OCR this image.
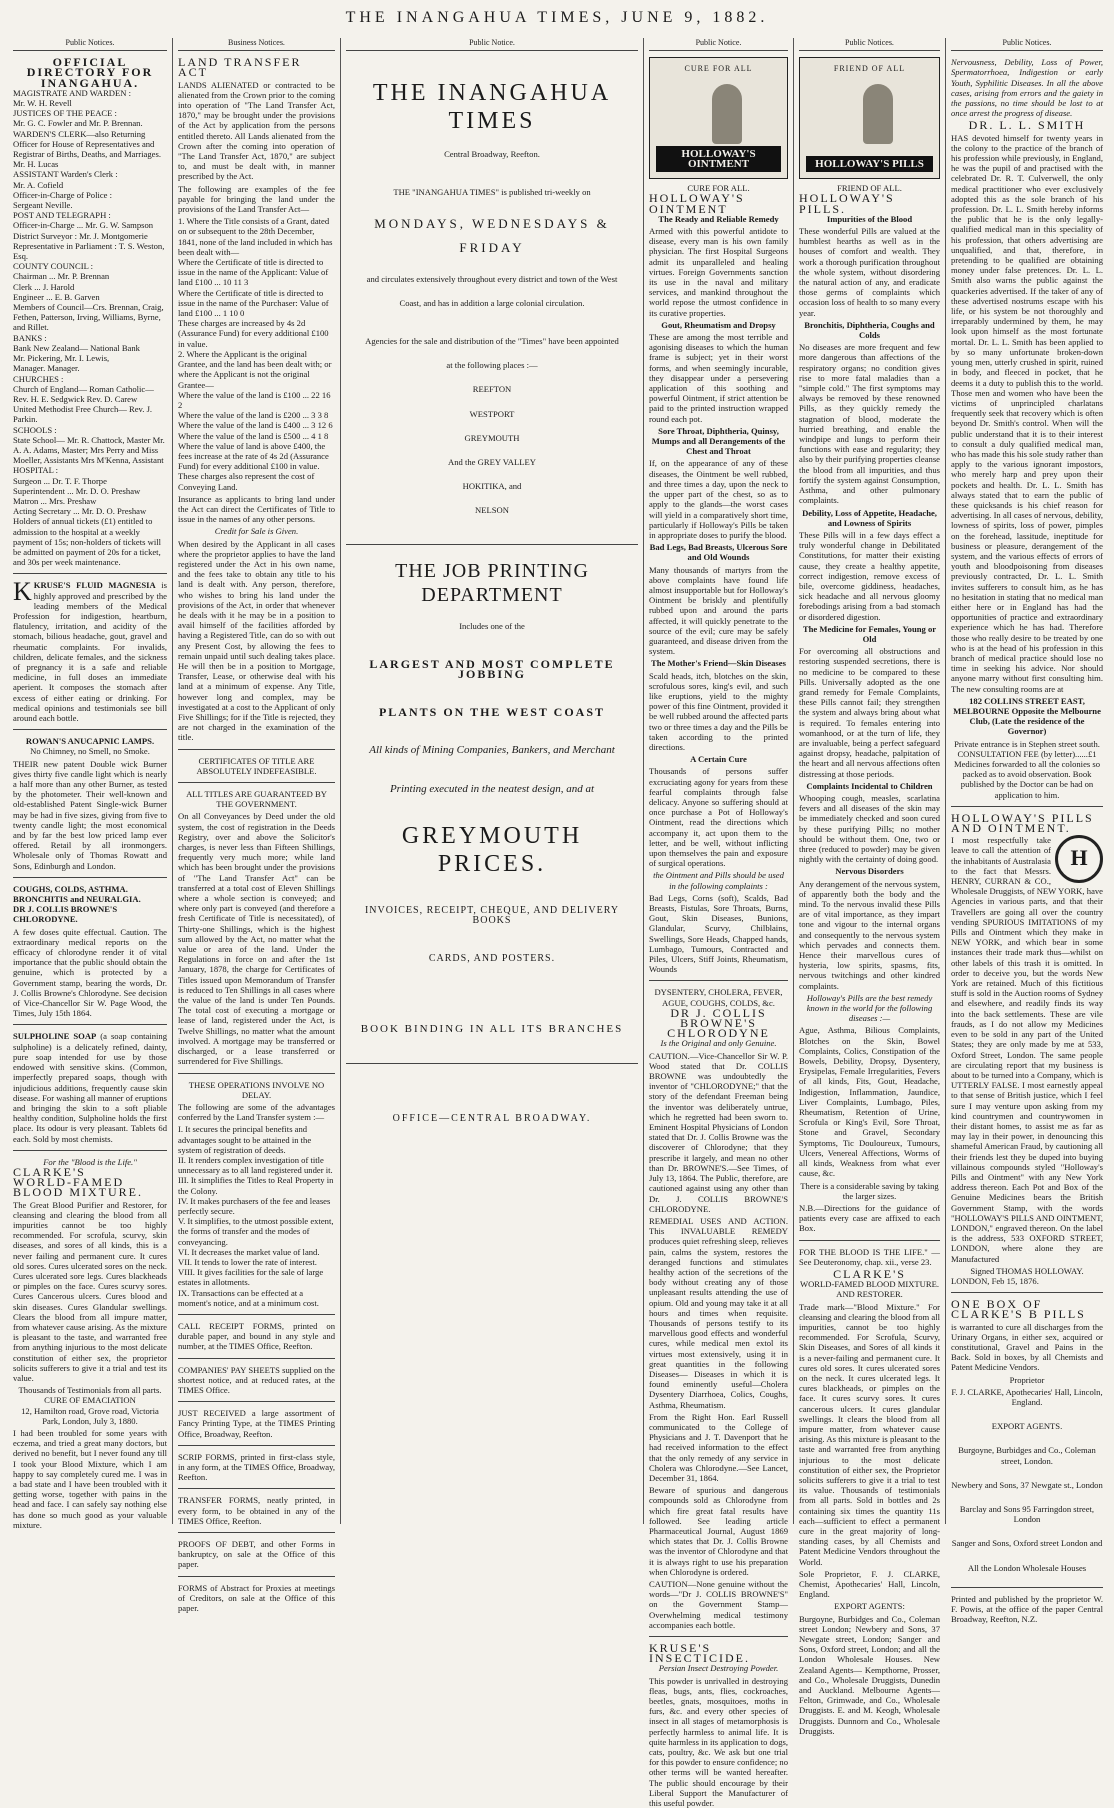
THE INANGAHUA TIMES, JUNE 9, 1882.
Public Notices.
OFFICIAL DIRECTORY FOR INANGAHUA.
MAGISTRATE AND WARDEN :
Mr. W. H. Revell
JUSTICES OF THE PEACE :
Mr. G. C. Fowler and Mr. P. Brennan.
WARDEN'S CLERK—also Returning Officer for House of Representatives and Registrar of Births, Deaths, and Marriages.
Mr. H. Lucas
ASSISTANT Warden's Clerk :
Mr. A. Cofield
Officer-in-Charge of Police :
Sergeant Neville.
POST AND TELEGRAPH :
Officer-in-Charge ... Mr. G. W. Sampson
District Surveyor : Mr. J. Montgomerie
Representative in Parliament : T. S. Weston, Esq.
COUNTY COUNCIL :
Chairman ... Mr. P. Brennan
Clerk ... J. Harold
Engineer ... E. B. Garven
Members of Council—Crs. Brennan, Craig, Fethen, Patterson, Irving, Williams, Byrne, and Rillet.
BANKS :
Bank New Zealand— National Bank
Mr. Pickering, Mr. I. Lewis,
Manager. Manager.
CHURCHES :
Church of England— Roman Catholic—
Rev. H. E. Sedgwick Rev. D. Carew
United Methodist Free Church— Rev. J. Parkin.
SCHOOLS :
State School— Mr. R. Chattock, Master Mr. A. A. Adams, Master; Mrs Perry and Miss Moeller, Assistants Mrs M'Kenna, Assistant
HOSPITAL :
Surgeon ... Dr. T. F. Thorpe
Superintendent ... Mr. D. O. Preshaw
Matron ... Mrs. Preshaw
Acting Secretary ... Mr. D. O. Preshaw
Holders of annual tickets (£1) entitled to admission to the hospital at a weekly payment of 15s; non-holders of tickets will be admitted on payment of 20s for a ticket, and 30s per week maintenance.

KKRUSE'S FLUID MAGNESIA is highly approved and prescribed by the leading members of the Medical Profession for indigestion, heartburn, flatulency, irritation, and acidity of the stomach, bilious headache, gout, gravel and rheumatic complaints. For invalids, children, delicate females, and the sickness of pregnancy it is a safe and reliable medicine, in full doses an immediate aperient. It composes the stomach after excess of either eating or drinking. For medical opinions and testimonials see bill around each bottle.

ROWAN'S ANUCAPNIC LAMPS.
No Chimney, no Smell, no Smoke.

THEIR new patent Double wick Burner gives thirty five candle light which is nearly a half more than any other Burner, as tested by the photometer. Their well-known and old-established Patent Single-wick Burner may be had in five sizes, giving from five to twenty candle light; the most economical and by far the best low priced lamp ever offered. Retail by all ironmongers. Wholesale only of Thomas Rowatt and Sons, Edinburgh and London.

COUGHS, COLDS, ASTHMA.
BRONCHITIS and NEURALGIA.
DR J. COLLIS BROWNE'S CHLORODYNE.

A few doses quite effectual. Caution. The extraordinary medical reports on the efficacy of chlorodyne render it of vital importance that the public should obtain the genuine, which is protected by a Government stamp, bearing the words, Dr. J. Collis Browne's Chlorodyne. See decision of Vice-Chancellor Sir W. Page Wood, the Times, July 15th 1864.

SULPHOLINE SOAP (a soap containing sulpholine) is a delicately refined, dainty, pure soap intended for use by those endowed with sensitive skins. (Common, imperfectly prepared soaps, though with injudicious additions, frequently cause skin disease. For washing all manner of eruptions and bringing the skin to a soft pliable healthy condition, Sulpholine holds the first place. Its odour is very pleasant. Tablets 6d each. Sold by most chemists.

For the "Blood is the Life."
CLARKE'S
WORLD-FAMED
BLOOD MIXTURE.

The Great Blood Purifier and Restorer, for cleansing and clearing the blood from all impurities cannot be too highly recommended. For scrofula, scurvy, skin diseases, and sores of all kinds, this is a never failing and permanent cure. It cures old sores. Cures ulcerated sores on the neck. Cures ulcerated sore legs. Cures blackheads or pimples on the face. Cures scurvy sores. Cures Cancerous ulcers. Cures blood and skin diseases. Cures Glandular swellings. Clears the blood from all impure matter, from whatever cause arising. As the mixture is pleasant to the taste, and warranted free from anything injurious to the most delicate constitution of either sex, the proprietor solicits sufferers to give it a trial and test its value.

Thousands of Testimonials from all parts.
CURE OF EMACIATION
12, Hamilton road, Grove road, Victoria Park, London, July 3, 1880.

I had been troubled for some years with eczema, and tried a great many doctors, but derived no benefit, but I never found any till I took your Blood Mixture, which I am happy to say completely cured me. I was in a bad state and I have been troubled with it getting worse, together with pains in the head and face. I can safely say nothing else has done so much good as your valuable mixture.

Business Notices.
LAND TRANSFER ACT

LANDS ALIENATED or contracted to be alienated from the Crown prior to the coming into operation of "The Land Transfer Act, 1870," may be brought under the provisions of the Act by application from the persons entitled thereto. All Lands alienated from the Crown after the coming into operation of "The Land Transfer Act, 1870," are subject to, and must be dealt with, in manner prescribed by the Act.

The following are examples of the fee payable for bringing the land under the provisions of the Land Transfer Act—

1. Where the Title consists of a Grant, dated on or subsequent to the 28th December, 1841, none of the land included in which has been dealt with—
Where the Certificate of title is directed to issue in the name of the Applicant: Value of land £100 ... 10 11 3
Where the Certificate of title is directed to issue in the name of the Purchaser: Value of land £100 ... 1 10 0
These charges are increased by 4s 2d (Assurance Fund) for every additional £100 in value.
2. Where the Applicant is the original Grantee, and the land has been dealt with; or where the Applicant is not the original Grantee—
Where the value of the land is £100 ... 22 16 2
Where the value of the land is £200 ... 3 3 8
Where the value of the land is £400 ... 3 12 6
Where the value of the land is £500 ... 4 1 8
Where the value of land is above £400, the fees increase at the rate of 4s 2d (Assurance Fund) for every additional £100 in value.
These charges also represent the cost of Conveying Land.

Insurance as applicants to bring land under the Act can direct the Certificates of Title to issue in the names of any other persons.

Credit for Sale is Given.

When desired by the Applicant in all cases where the proprietor applies to have the land registered under the Act in his own name, and the fees take to obtain any title to his land is dealt with. Any person, therefore, who wishes to bring his land under the provisions of the Act, in order that whenever he deals with it he may be in a position to avail himself of the facilities afforded by having a Registered Title, can do so with out any Present Cost, by allowing the fees to remain unpaid until such dealing takes place. He will then be in a position to Mortgage, Transfer, Lease, or otherwise deal with his land at a minimum of expense. Any Title, however long and complex, may be investigated at a cost to the Applicant of only Five Shillings; for if the Title is rejected, they are not charged in the examination of the title.

CERTIFICATES OF TITLE ARE
ABSOLUTELY INDEFEASIBLE.
ALL TITLES ARE GUARANTEED BY
THE GOVERNMENT.

On all Conveyances by Deed under the old system, the cost of registration in the Deeds Registry, over and above the Solicitor's charges, is never less than Fifteen Shillings, frequently very much more; while land which has been brought under the provisions of "The Land Transfer Act" can be transferred at a total cost of Eleven Shillings where a whole section is conveyed; and where only part is conveyed (and therefore a fresh Certificate of Title is necessitated), of Thirty-one Shillings, which is the highest sum allowed by the Act, no matter what the value or area of the land. Under the Regulations in force on and after the 1st January, 1878, the charge for Certificates of Titles issued upon Memorandum of Transfer is reduced to Ten Shillings in all cases where the value of the land is under Ten Pounds. The total cost of executing a mortgage or lease of land, registered under the Act, is Twelve Shillings, no matter what the amount involved. A mortgage may be transferred or discharged, or a lease transferred or surrendered for Five Shillings.

THESE OPERATIONS INVOLVE NO DELAY.

The following are some of the advantages conferred by the Land Transfer system :—

I. It secures the principal benefits and advantages sought to be attained in the system of registration of deeds.
II. It renders complex investigation of title unnecessary as to all land registered under it.
III. It simplifies the Titles to Real Property in the Colony.
IV. It makes purchasers of the fee and leases perfectly secure.
V. It simplifies, to the utmost possible extent, the forms of transfer and the modes of conveyancing.
VI. It decreases the market value of land.
VII. It tends to lower the rate of interest.
VIII. It gives facilities for the sale of large estates in allotments.
IX. Transactions can be effected at a moment's notice, and at a minimum cost.

CALL RECEIPT FORMS, printed on durable paper, and bound in any style and number, at the TIMES Office, Reefton.

COMPANIES' PAY SHEETS supplied on the shortest notice, and at reduced rates, at the TIMES Office.

JUST RECEIVED a large assortment of Fancy Printing Type, at the TIMES Printing Office, Broadway, Reefton.

SCRIP FORMS, printed in first-class style, in any form, at the TIMES Office, Broadway, Reefton.

TRANSFER FORMS, neatly printed, in every form, to be obtained in any of the TIMES Office, Reefton.

PROOFS OF DEBT, and other Forms in bankruptcy, on sale at the Office of this paper.

FORMS of Abstract for Proxies at meetings of Creditors, on sale at the Office of this paper.

Public Notice.
THE INANGAHUA TIMES
Central Broadway, Reefton.
THE "INANGAHUA TIMES" is published tri-weekly on
MONDAYS, WEDNESDAYS & FRIDAY
and circulates extensively throughout every district and town of the West
Coast, and has in addition a large colonial circulation.
Agencies for the sale and distribution of the "Times" have been appointed
at the following places :—
REEFTON
WESTPORT
GREYMOUTH
And the GREY VALLEY
HOKITIKA, and
NELSON
THE JOB PRINTING DEPARTMENT
Includes one of the
LARGEST AND MOST COMPLETE JOBBING
PLANTS ON THE WEST COAST
All kinds of Mining Companies, Bankers, and Merchant
Printing executed in the neatest design, and at
GREYMOUTH PRICES.
INVOICES, RECEIPT, CHEQUE, AND DELIVERY BOOKS
CARDS, AND POSTERS.
BOOK BINDING IN ALL ITS BRANCHES
OFFICE—CENTRAL BROADWAY.
Public Notice.
CURE FOR ALL
HOLLOWAY'S OINTMENT
CURE FOR ALL.
HOLLOWAY'S OINTMENT
The Ready and Reliable Remedy

Armed with this powerful antidote to disease, every man is his own family physician. The first Hospital Surgeons admit its unparalleled and healing virtues. Foreign Governments sanction its use in the naval and military services, and mankind throughout the world repose the utmost confidence in its curative properties.

Gout, Rheumatism and Dropsy

These are among the most terrible and agonising diseases to which the human frame is subject; yet in their worst forms, and when seemingly incurable, they disappear under a persevering application of this soothing and powerful Ointment, if strict attention be paid to the printed instruction wrapped round each pot.

Sore Throat, Diphtheria, Quinsy, Mumps and all Derangements of the Chest and Throat

If, on the appearance of any of these diseases, the Ointment be well rubbed, and three times a day, upon the neck to the upper part of the chest, so as to apply to the glands—the worst cases will yield in a comparatively short time, particularly if Holloway's Pills be taken in appropriate doses to purify the blood.

Bad Legs, Bad Breasts, Ulcerous Sore and Old Wounds

Many thousands of martyrs from the above complaints have found life almost insupportable but for Holloway's Ointment be briskly and plentifully rubbed upon and around the parts affected, it will quickly penetrate to the source of the evil; cure may be safely guaranteed, and disease driven from the system.

The Mother's Friend—Skin Diseases

Scald heads, itch, blotches on the skin, scrofulous sores, king's evil, and such like eruptions, yield to the mighty power of this fine Ointment, provided it be well rubbed around the affected parts two or three times a day and the Pills be taken according to the printed directions.

A Certain Cure

Thousands of persons suffer excruciating agony for years from these fearful complaints through false delicacy. Anyone so suffering should at once purchase a Pot of Holloway's Ointment, read the directions which accompany it, act upon them to the letter, and be well, without inflicting upon themselves the pain and exposure of surgical operations.

the Ointment and Pills should be used in the following complaints :

Bad Legs, Corns (soft), Scalds, Bad Breasts, Fistulas, Sore Throats, Burns, Gout, Skin Diseases, Bunions, Glandular, Scurvy, Chilblains, Swellings, Sore Heads, Chapped hands, Lumbago, Tumours, Contracted and Piles, Ulcers, Stiff Joints, Rheumatism, Wounds

DYSENTERY, CHOLERA, FEVER,
AGUE, COUGHS, COLDS, &c.
DR J. COLLIS BROWNE'S
CHLORODYNE
Is the Original and only Genuine.

CAUTION.—Vice-Chancellor Sir W. P. Wood stated that Dr. COLLIS BROWNE was undoubtedly the inventor of "CHLORODYNE;" that the story of the defendant Freeman being the inventor was deliberately untrue, which he regretted had been sworn to. Eminent Hospital Physicians of London stated that Dr. J. Collis Browne was the discoverer of Chlorodyne; that they prescribe it largely, and mean no other than Dr. BROWNE'S.—See Times, of July 13, 1864. The Public, therefore, are cautioned against using any other than Dr. J. COLLIS BROWNE'S CHLORODYNE.

REMEDIAL USES AND ACTION. This INVALUABLE REMEDY produces quiet refreshing sleep, relieves pain, calms the system, restores the deranged functions and stimulates healthy action of the secretions of the body without creating any of those unpleasant results attending the use of opium. Old and young may take it at all hours and times when requisite. Thousands of persons testify to its marvellous good effects and wonderful cures, while medical men extol its virtues most extensively, using it in great quantities in the following Diseases— Diseases in which it is found eminently useful—Cholera Dysentery Diarrhoea, Colics, Coughs, Asthma, Rheumatism.

From the Right Hon. Earl Russell communicated to the College of Physicians and J. T. Davenport that he had received information to the effect that the only remedy of any service in Cholera was Chlorodyne.—See Lancet, December 31, 1864.

Beware of spurious and dangerous compounds sold as Chlorodyne from which fire great fatal results have followed. See leading article Pharmaceutical Journal, August 1869 which states that Dr. J. Collis Browne was the inventor of Chlorodyne and that it is always right to use his preparation when Chlorodyne is ordered.

CAUTION—None genuine without the words—"Dr J. COLLIS BROWNE'S" on the Government Stamp—Overwhelming medical testimony accompanies each bottle.

KRUSE'S INSECTICIDE.
Persian Insect Destroying Powder.

This powder is unrivalled in destroying fleas, bugs, ants, flies, cockroaches, beetles, gnats, mosquitoes, moths in furs, &c. and every other species of insect in all stages of metamorphosis is perfectly harmless to animal life. It is quite harmless in its application to dogs, cats, poultry, &c. We ask but one trial for this powder to ensure confidence; no other terms will be wanted hereafter. The public should encourage by their Liberal Support the Manufacturer of this useful powder.

Public Notices.
FRIEND OF ALL
HOLLOWAY'S PILLS
FRIEND OF ALL.
HOLLOWAY'S PILLS.
Impurities of the Blood

These wonderful Pills are valued at the humblest hearths as well as in the houses of comfort and wealth. They work a thorough purification throughout the whole system, without disordering the natural action of any, and eradicate those germs of complaints which occasion loss of health to so many every year.

Bronchitis, Diphtheria, Coughs and Colds

No diseases are more frequent and few more dangerous than affections of the respiratory organs; no condition gives rise to more fatal maladies than a "simple cold." The first symptoms may always be removed by these renowned Pills, as they quickly remedy the stagnation of blood, moderate the hurried breathing, and enable the windpipe and lungs to perform their functions with ease and regularity; they also by their purifying properties cleanse the blood from all impurities, and thus fortify the system against Consumption, Asthma, and other pulmonary complaints.

Debility, Loss of Appetite, Headache, and Lowness of Spirits

These Pills will in a few days effect a truly wonderful change in Debilitated Constitutions, for matter their existing cause, they create a healthy appetite, correct indigestion, remove excess of bile, overcome giddiness, headaches, sick headache and all nervous gloomy forebodings arising from a bad stomach or disordered digestion.

The Medicine for Females, Young or Old

For overcoming all obstructions and restoring suspended secretions, there is no medicine to be compared to these Pills. Universally adopted as the one grand remedy for Female Complaints, these Pills cannot fail; they strengthen the system and always bring about what is required. To females entering into womanhood, or at the turn of life, they are invaluable, being a perfect safeguard against dropsy, headache, palpitation of the heart and all nervous affections often distressing at those periods.

Complaints Incidental to Children

Whooping cough, measles, scarlatina fevers and all diseases of the skin may be immediately checked and soon cured by these purifying Pills; no mother should be without them. One, two or three (reduced to powder) may be given nightly with the certainty of doing good.

Nervous Disorders

Any derangement of the nervous system, of apparently both the body and the mind. To the nervous invalid these Pills are of vital importance, as they impart tone and vigour to the internal organs and consequently to the nervous system which pervades and connects them. Hence their marvellous cures of hysteria, low spirits, spasms, fits, nervous twitchings and other kindred complaints.

Holloway's Pills are the best remedy known in the world for the following diseases :—

Ague, Asthma, Bilious Complaints, Blotches on the Skin, Bowel Complaints, Colics, Constipation of the Bowels, Debility, Dropsy, Dysentery, Erysipelas, Female Irregularities, Fevers of all kinds, Fits, Gout, Headache, Indigestion, Inflammation, Jaundice, Liver Complaints, Lumbago, Piles, Rheumatism, Retention of Urine, Scrofula or King's Evil, Sore Throat, Stone and Gravel, Secondary Symptoms, Tic Douloureux, Tumours, Ulcers, Venereal Affections, Worms of all kinds, Weakness from what ever cause, &c.

There is a considerable saving by taking the larger sizes.

N.B.—Directions for the guidance of patients every case are affixed to each Box.

FOR THE BLOOD IS THE LIFE." —See Deuteronomy, chap. xii., verse 23.

CLARKE'S
WORLD-FAMED BLOOD MIXTURE.
AND RESTORER.

Trade mark—"Blood Mixture." For cleansing and clearing the blood from all impurities, cannot be too highly recommended. For Scrofula, Scurvy, Skin Diseases, and Sores of all kinds it is a never-failing and permanent cure. It cures old sores. It cures ulcerated sores on the neck. It cures ulcerated legs. It cures blackheads, or pimples on the face. It cures scurvy sores. It cures cancerous ulcers. It cures glandular swellings. It clears the blood from all impure matter, from whatever cause arising. As this mixture is pleasant to the taste and warranted free from anything injurious to the most delicate constitution of either sex, the Proprietor solicits sufferers to give it a trial to test its value. Thousands of testimonials from all parts. Sold in bottles and 2s containing six times the quantity 11s each—sufficient to effect a permanent cure in the great majority of long-standing cases, by all Chemists and Patent Medicine Vendors throughout the World.

Sole Proprietor, F. J. CLARKE, Chemist, Apothecaries' Hall, Lincoln, England.

EXPORT AGENTS:

Burgoyne, Burbidges and Co., Coleman street London; Newbery and Sons, 37 Newgate street, London; Sanger and Sons, Oxford street, London; and all the London Wholesale Houses. New Zealand Agents— Kempthorne, Prosser, and Co., Wholesale Druggists, Dunedin and Auckland. Melbourne Agents— Felton, Grimwade, and Co., Wholesale Druggists. E. and M. Keogh, Wholesale Druggists. Dunnorn and Co., Wholesale Druggists.

Public Notices.

Nervousness, Debility, Loss of Power, Spermatorrhoea, Indigestion or early Youth, Syphilitic Diseases. In all the above cases, arising from errors and the gaiety in the passions, no time should be lost to at once arrest the progress of disease.

DR. L. L. SMITH

HAS devoted himself for twenty years in the colony to the practice of the branch of his profession while previously, in England, he was the pupil of and practised with the celebrated Dr. R. T. Culverwell, the only medical practitioner who ever exclusively adopted this as the sole branch of his profession. Dr. L. L. Smith hereby informs the public that he is the only legally-qualified medical man in this speciality of his profession, that others advertising are unqualified, and that, therefore, in pretending to be qualified are obtaining money under false pretences. Dr. L. L. Smith also warns the public against the quackeries advertised. If the taker of any of these advertised nostrums escape with his life, or his system be not thoroughly and irreparably undermined by them, he may look upon himself as the most fortunate mortal. Dr. L. L. Smith has been applied to by so many unfortunate broken-down young men, utterly crushed in spirit, ruined in body, and fleeced in pocket, that he deems it a duty to publish this to the world. Those men and women who have been the victims of unprincipled charlatans frequently seek that recovery which is often beyond Dr. Smith's control. When will the public understand that it is to their interest to consult a duly qualified medical man, who has made this his sole study rather than apply to the various ignorant impostors, who merely harp and prey upon their pockets and health. Dr. L. L. Smith has always stated that to earn the public of these quicksands is his chief reason for advertising. In all cases of nervous, debility, lowness of spirits, loss of power, pimples on the forehead, lassitude, ineptitude for business or pleasure, derangement of the system, and the various effects of errors of youth and bloodpoisoning from diseases previously contracted, Dr. L. L. Smith invites sufferers to consult him, as he has no hesitation in stating that no medical man either here or in England has had the opportunities of practice and extraordinary experience which he has had. Therefore those who really desire to be treated by one who is at the head of his profession in this branch of medical practice should lose no time in seeking his advice. Nor should anyone marry without first consulting him. The new consulting rooms are at

182 COLLINS STREET EAST, MELBOURNE Opposite the Melbourne Club, (Late the residence of the Governor)

Private entrance is in Stephen street south. CONSULTATION FEE (by letter)......£1 Medicines forwarded to all the colonies so packed as to avoid observation. Book published by the Doctor can be had on application to him.

HOLLOWAY'S PILLS AND OINTMENT.

H
I most respectfully take leave to call the attention of the inhabitants of Australasia to the fact that Messrs. HENRY, CURRAN & CO., Wholesale Druggists, of NEW YORK, have Agencies in various parts, and that their Travellers are going all over the country vending SPURIOUS IMITATIONS of my Pills and Ointment which they make in NEW YORK, and which bear in some instances their trade mark thus—whilst on other labels of this trash it is omitted. In order to deceive you, but the words New York are retained. Much of this fictitious stuff is sold in the Auction rooms of Sydney and elsewhere, and readily finds its way into the back settlements. These are vile frauds, as I do not allow my Medicines even to be sold in any part of the United States; they are only made by me at 533, Oxford Street, London. The same people are circulating report that my business is about to be turned into a Company, which is UTTERLY FALSE. I most earnestly appeal to that sense of British justice, which I feel sure I may venture upon asking from my kind countrymen and countrywomen in their distant homes, to assist me as far as may lay in their power, in denouncing this shameful American Fraud, by cautioning all their friends lest they be duped into buying villainous compounds styled "Holloway's Pills and Ointment" with any New York address thereon. Each Pot and Box of the Genuine Medicines bears the British Government Stamp, with the words "HOLLOWAY'S PILLS AND OINTMENT, LONDON," engraved thereon. On the label is the address, 533 OXFORD STREET, LONDON, where alone they are Manufactured

Signed THOMAS HOLLOWAY.
LONDON, Feb 15, 1876.
ONE BOX OF CLARKE'S B PILLS

is warranted to cure all discharges from the Urinary Organs, in either sex, acquired or constitutional, Gravel and Pains in the Back. Sold in boxes, by all Chemists and Patent Medicine Vendors.

Proprietor

F. J. CLARKE, Apothecaries' Hall, Lincoln, England.

EXPORT AGENTS.
Burgoyne, Burbidges and Co., Coleman street, London.
Newbery and Sons, 37 Newgate st., London
Barclay and Sons 95 Farringdon street, London
Sanger and Sons, Oxford street London and
All the London Wholesale Houses

Printed and published by the proprietor W. F. Powis, at the office of the paper Central Broadway, Reefton, N.Z.
